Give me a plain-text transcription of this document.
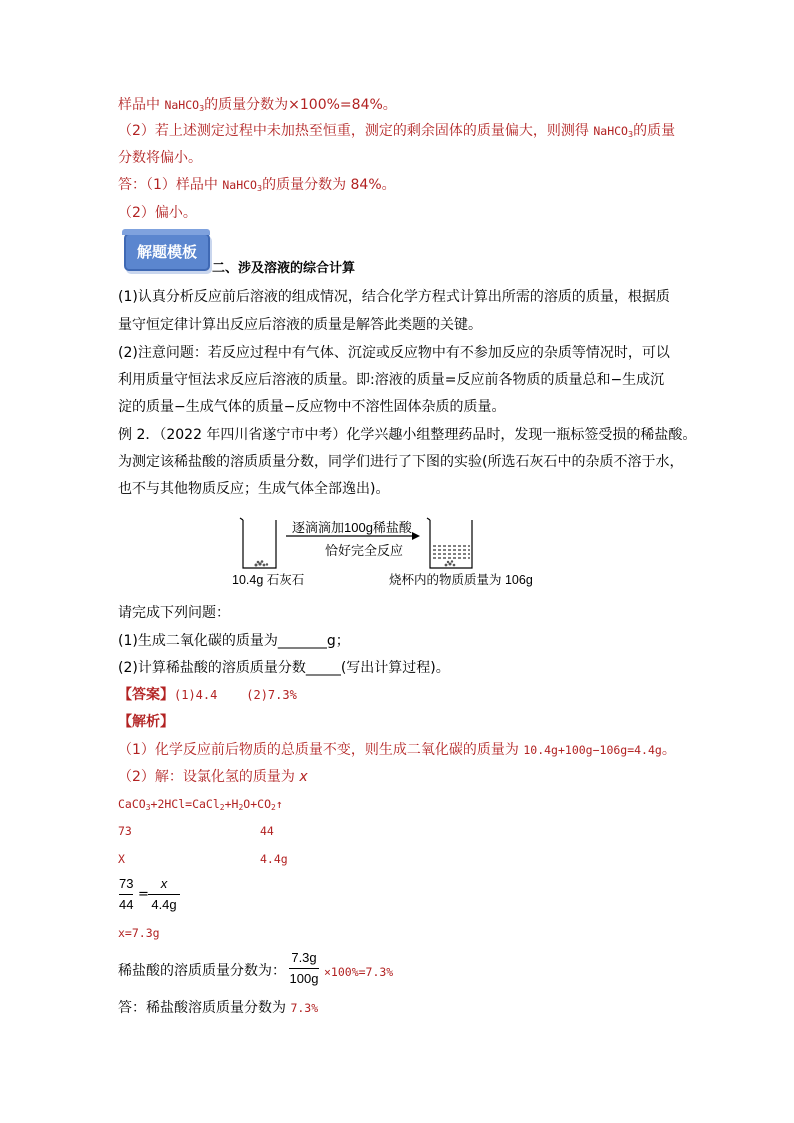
样品中 NaHCO$_3$的质量分数为×100%=84%。
（2）若上述测定过程中未加热至恒重，测定的剩余固体的质量偏大，则测得 NaHCO$_3$的质量
分数将偏小。
答：（1）样品中 NaHCO$_3$的质量分数为 84%。
（2）偏小。
解题模板
二、涉及溶液的综合计算
(1)认真分析反应前后溶液的组成情况，结合化学方程式计算出所需的溶质的质量，根据质
量守恒定律计算出反应后溶液的质量是解答此类题的关键。
(2)注意问题：若反应过程中有气体、沉淀或反应物中有不参加反应的杂质等情况时，可以
利用质量守恒法求反应后溶液的质量。即:溶液的质量=反应前各物质的质量总和−生成沉
淀的质量−生成气体的质量−反应物中不溶性固体杂质的质量。
例 2．（2022 年四川省遂宁市中考）化学兴趣小组整理药品时，发现一瓶标签受损的稀盐酸。
为测定该稀盐酸的溶质质量分数，同学们进行了下图的实验(所选石灰石中的杂质不溶于水，
也不与其他物质反应；生成气体全部逸出)。
逐滴滴加100g稀盐酸
恰好完全反应
10.4g 石灰石	烧杯内的物质质量为 106g
请完成下列问题：
(1)生成二氧化碳的质量为_______g；
(2)计算稀盐酸的溶质质量分数_____(写出计算过程)。
【答案】(1)4.4    (2)7.3%
【解析】
（1）化学反应前后物质的总质量不变，则生成二氧化碳的质量为 10.4g+100g−106g=4.4g。
（2）解：设氯化氢的质量为 x
$CaCO_3+2HCl=CaCl_2+H_2O+CO_2↑$
73	44
X	4.4g
73
44
=
x
4.4g
x=7.3g
稀盐酸的溶质质量分数为：
7.3g
100g ×100%=7.3%
答：稀盐酸溶质质量分数为 7.3%
